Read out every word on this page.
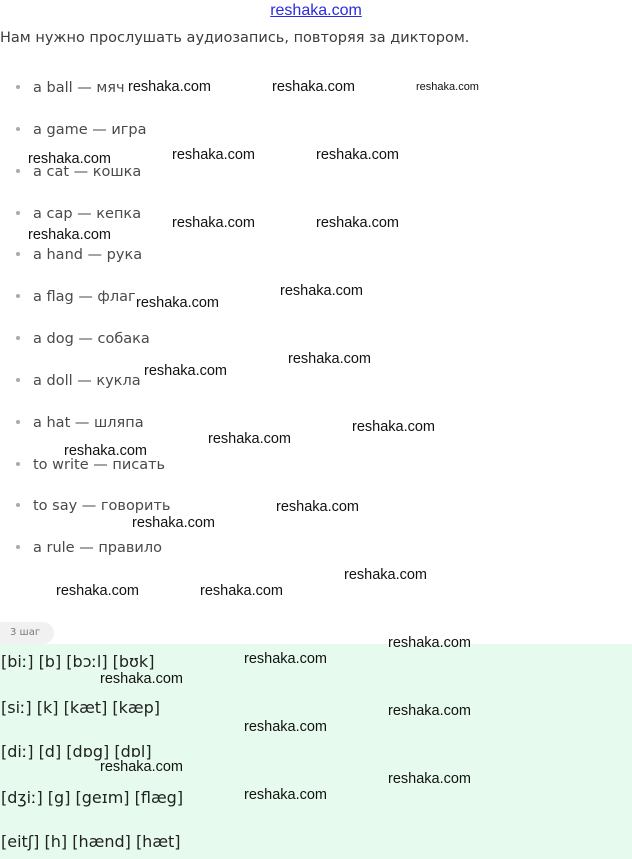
reshaka.com

Нам нужно прослушать аудиозапись, повторяя за диктором.

a ball — мяч
a game — игра
a cat — кошка
a cap — кепка
a hand — рука
a flag — флаг
a dog — собака
a doll — кукла
a hat — шляпа
to write — писать
to say — говорить
a rule — правило
3 шаг
[biː] [b] [bɔːl] [bʊk]
[siː] [k] [kæt] [kæp]
[diː] [d] [dɒg] [dɒl]
[dʒiː] [g] [geɪm] [flæg]
[eitʃ] [h] [hænd] [hæt]
reshaka.com	reshaka.com	reshaka.com
reshaka.com	reshaka.com
reshaka.com
reshaka.com	reshaka.com
reshaka.com
reshaka.com
reshaka.com
reshaka.com
reshaka.com
reshaka.com
reshaka.com
reshaka.com
reshaka.com
reshaka.com
reshaka.com
reshaka.com	reshaka.com
reshaka.com
reshaka.com
reshaka.com
reshaka.com
reshaka.com
reshaka.com
reshaka.com
reshaka.com
